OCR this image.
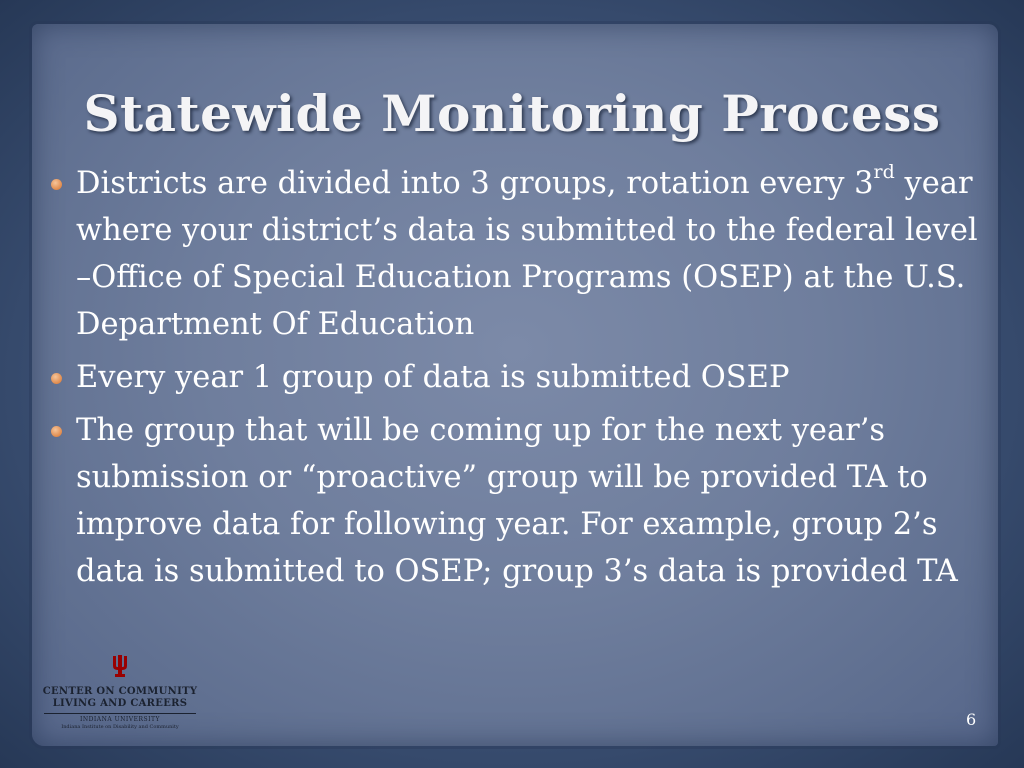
Statewide Monitoring Process
Districts are divided into 3 groups, rotation every 3rd year where your district’s data is submitted to the federal level –Office of Special Education Programs (OSEP) at the U.S. Department Of Education
Every year 1 group of data is submitted OSEP
The group that will be coming up for the next year’s submission or “proactive” group will be provided TA to improve data for following year. For example, group 2’s data is submitted to OSEP; group 3’s data is provided TA
CENTER ON COMMUNITY
LIVING AND CAREERS
INDIANA UNIVERSITY
Indiana Institute on Disability and Community	6
